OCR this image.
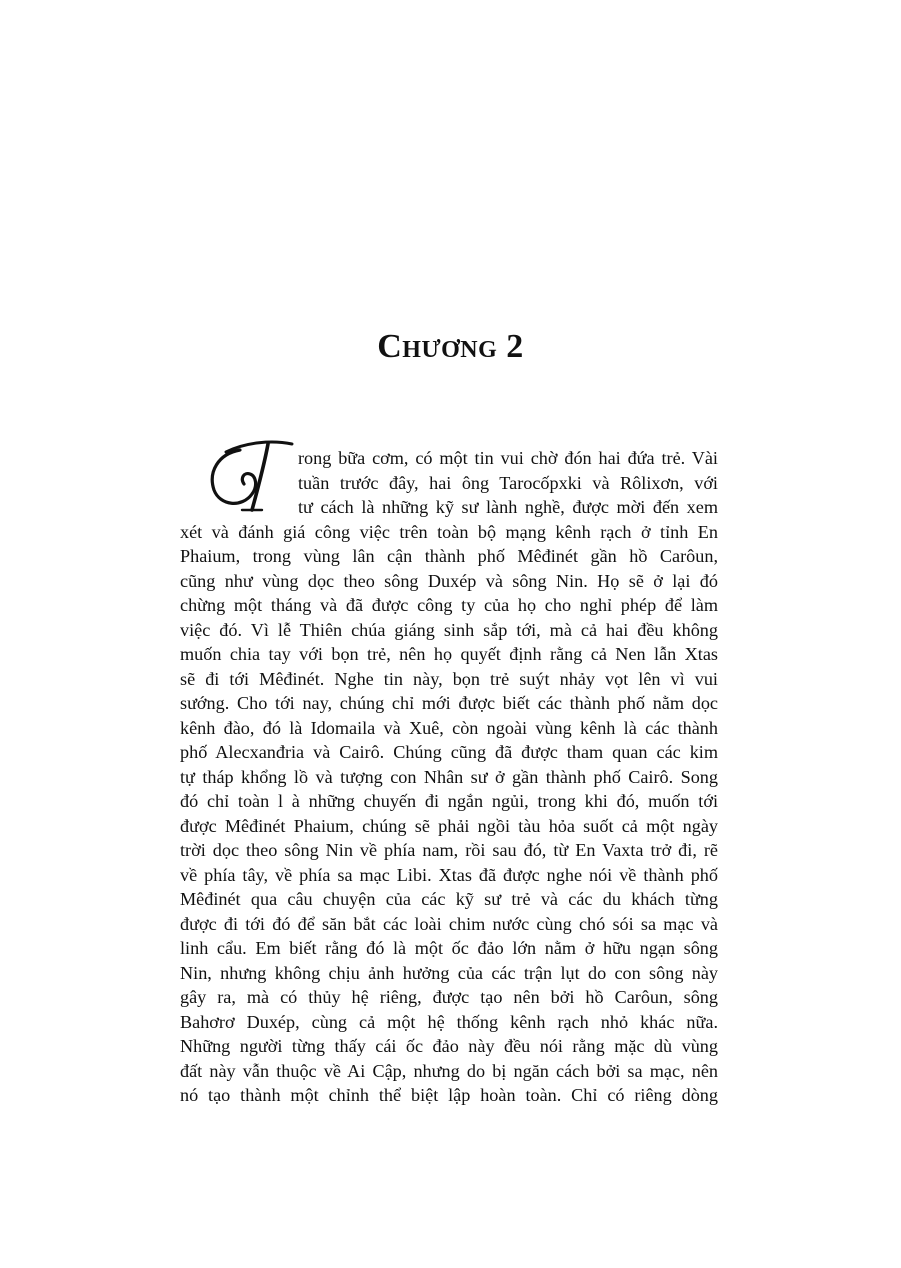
Chương 2
rong bữa cơm, có một tin vui chờ đón hai đứa trẻ. Vài
tuần trước đây, hai ông Tarocốpxki và Rôlixơn, với
tư cách là những kỹ sư lành nghề, được mời đến xem
xét và đánh giá công việc trên toàn bộ mạng kênh rạch ở tỉnh En
Phaium, trong vùng lân cận thành phố Mêđinét gần hồ Carôun,
cũng như vùng dọc theo sông Duxép và sông Nin. Họ sẽ ở lại đó
chừng một tháng và đã được công ty của họ cho nghỉ phép để làm
việc đó. Vì lễ Thiên chúa giáng sinh sắp tới, mà cả hai đều không
muốn chia tay với bọn trẻ, nên họ quyết định rằng cả Nen lẫn Xtas
sẽ đi tới Mêđinét. Nghe tin này, bọn trẻ suýt nhảy vọt lên vì vui
sướng. Cho tới nay, chúng chỉ mới được biết các thành phố nằm dọc
kênh đào, đó là Idomaila và Xuê, còn ngoài vùng kênh là các thành
phố Alecxanđria và Cairô. Chúng cũng đã được tham quan các kim
tự tháp khổng lồ và tượng con Nhân sư ở gần thành phố Cairô. Song
đó chỉ toàn l à những chuyến đi ngắn ngủi, trong khi đó, muốn tới
được Mêđinét Phaium, chúng sẽ phải ngồi tàu hỏa suốt cả một ngày
trời dọc theo sông Nin về phía nam, rồi sau đó, từ En Vaxta trở đi, rẽ
về phía tây, về phía sa mạc Libi. Xtas đã được nghe nói về thành phố
Mêđinét qua câu chuyện của các kỹ sư trẻ và các du khách từng
được đi tới đó để săn bắt các loài chim nước cùng chó sói sa mạc và
linh cẩu. Em biết rằng đó là một ốc đảo lớn nằm ở hữu ngạn sông
Nin, nhưng không chịu ảnh hưởng của các trận lụt do con sông này
gây ra, mà có thủy hệ riêng, được tạo nên bởi hồ Carôun, sông
Bahơrơ Duxép, cùng cả một hệ thống kênh rạch nhỏ khác nữa.
Những người từng thấy cái ốc đảo này đều nói rằng mặc dù vùng
đất này vẫn thuộc về Ai Cập, nhưng do bị ngăn cách bởi sa mạc, nên
nó tạo thành một chỉnh thể biệt lập hoàn toàn. Chỉ có riêng dòng
